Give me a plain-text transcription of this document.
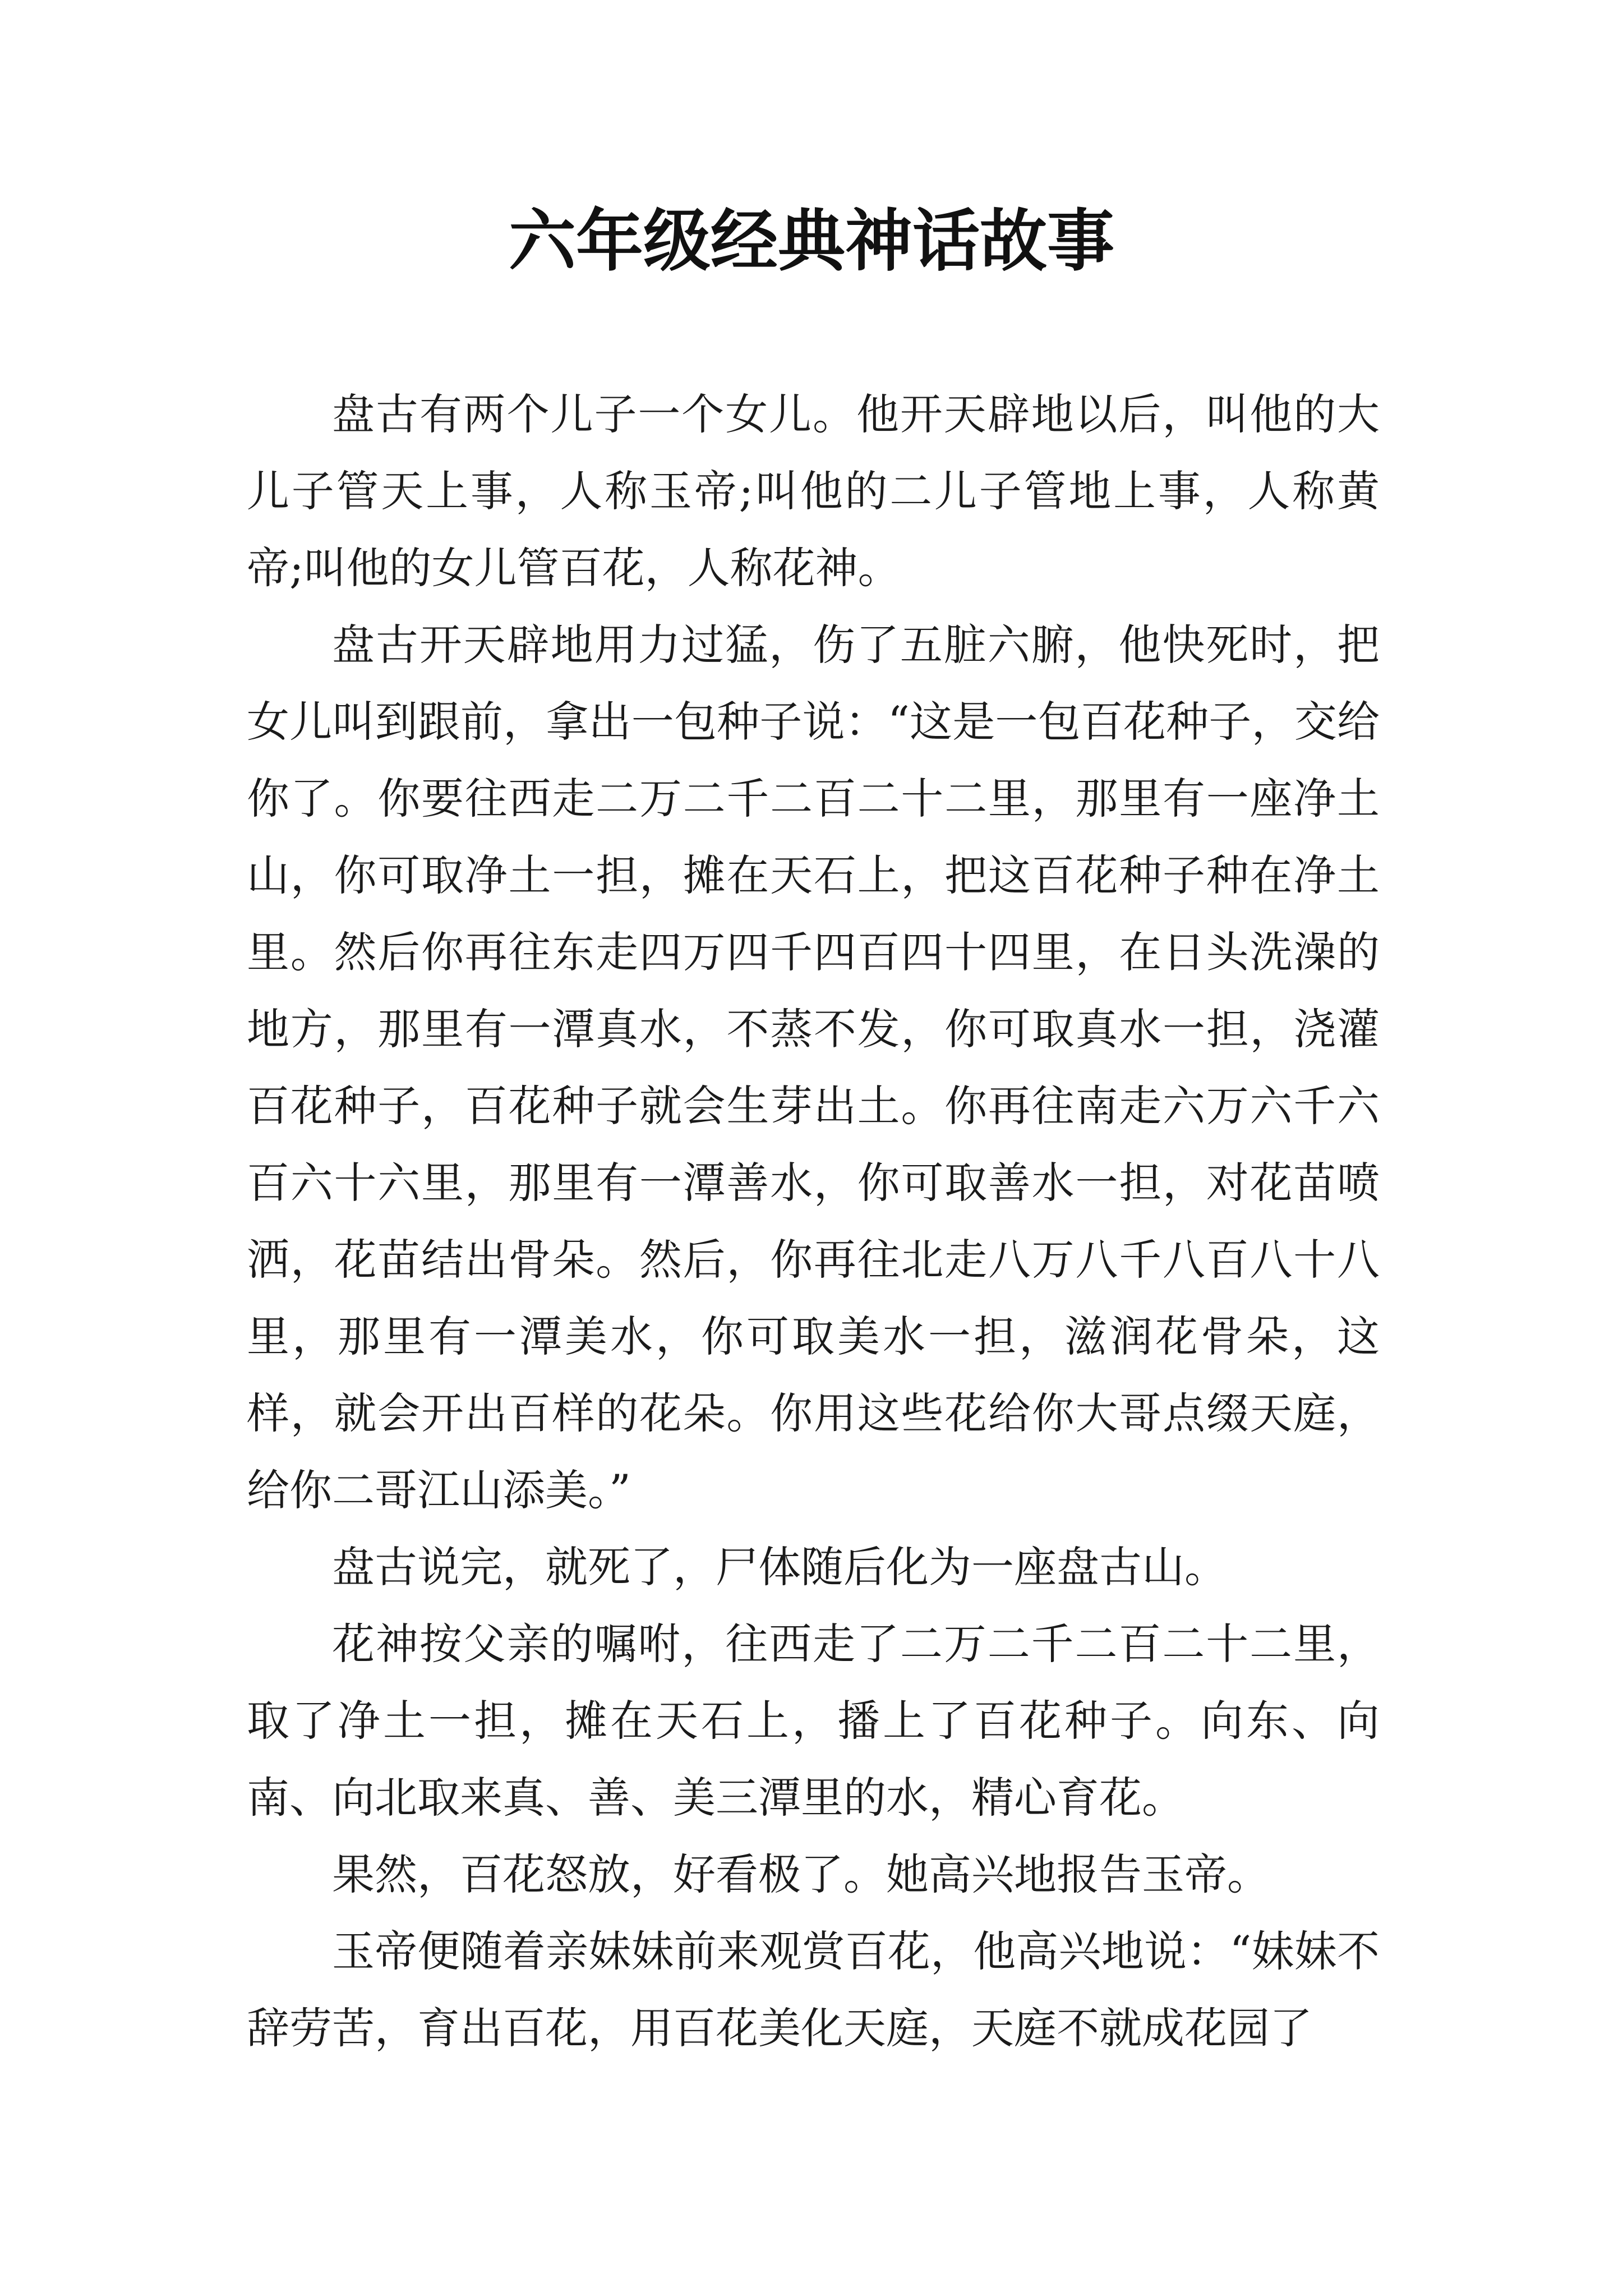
六年级经典神话故事

盘古有两个儿子一个女儿。他开天辟地以后，叫他的大儿子管天上事，人称玉帝;叫他的二儿子管地上事，人称黄帝;叫他的女儿管百花，人称花神。

盘古开天辟地用力过猛，伤了五脏六腑，他快死时，把女儿叫到跟前，拿出一包种子说：“这是一包百花种子，交给你了。你要往西走二万二千二百二十二里，那里有一座净土山，你可取净土一担，摊在天石上，把这百花种子种在净土里。然后你再往东走四万四千四百四十四里，在日头洗澡的地方，那里有一潭真水，不蒸不发，你可取真水一担，浇灌百花种子，百花种子就会生芽出土。你再往南走六万六千六百六十六里，那里有一潭善水，你可取善水一担，对花苗喷洒，花苗结出骨朵。然后，你再往北走八万八千八百八十八里，那里有一潭美水，你可取美水一担，滋润花骨朵，这样，就会开出百样的花朵。你用这些花给你大哥点缀天庭，给你二哥江山添美。”

盘古说完，就死了，尸体随后化为一座盘古山。

花神按父亲的嘱咐，往西走了二万二千二百二十二里，取了净土一担，摊在天石上，播上了百花种子。向东、向南、向北取来真、善、美三潭里的水，精心育花。

果然，百花怒放，好看极了。她高兴地报告玉帝。

玉帝便随着亲妹妹前来观赏百花，他高兴地说：“妹妹不辞劳苦，育出百花，用百花美化天庭，天庭不就成花园了
